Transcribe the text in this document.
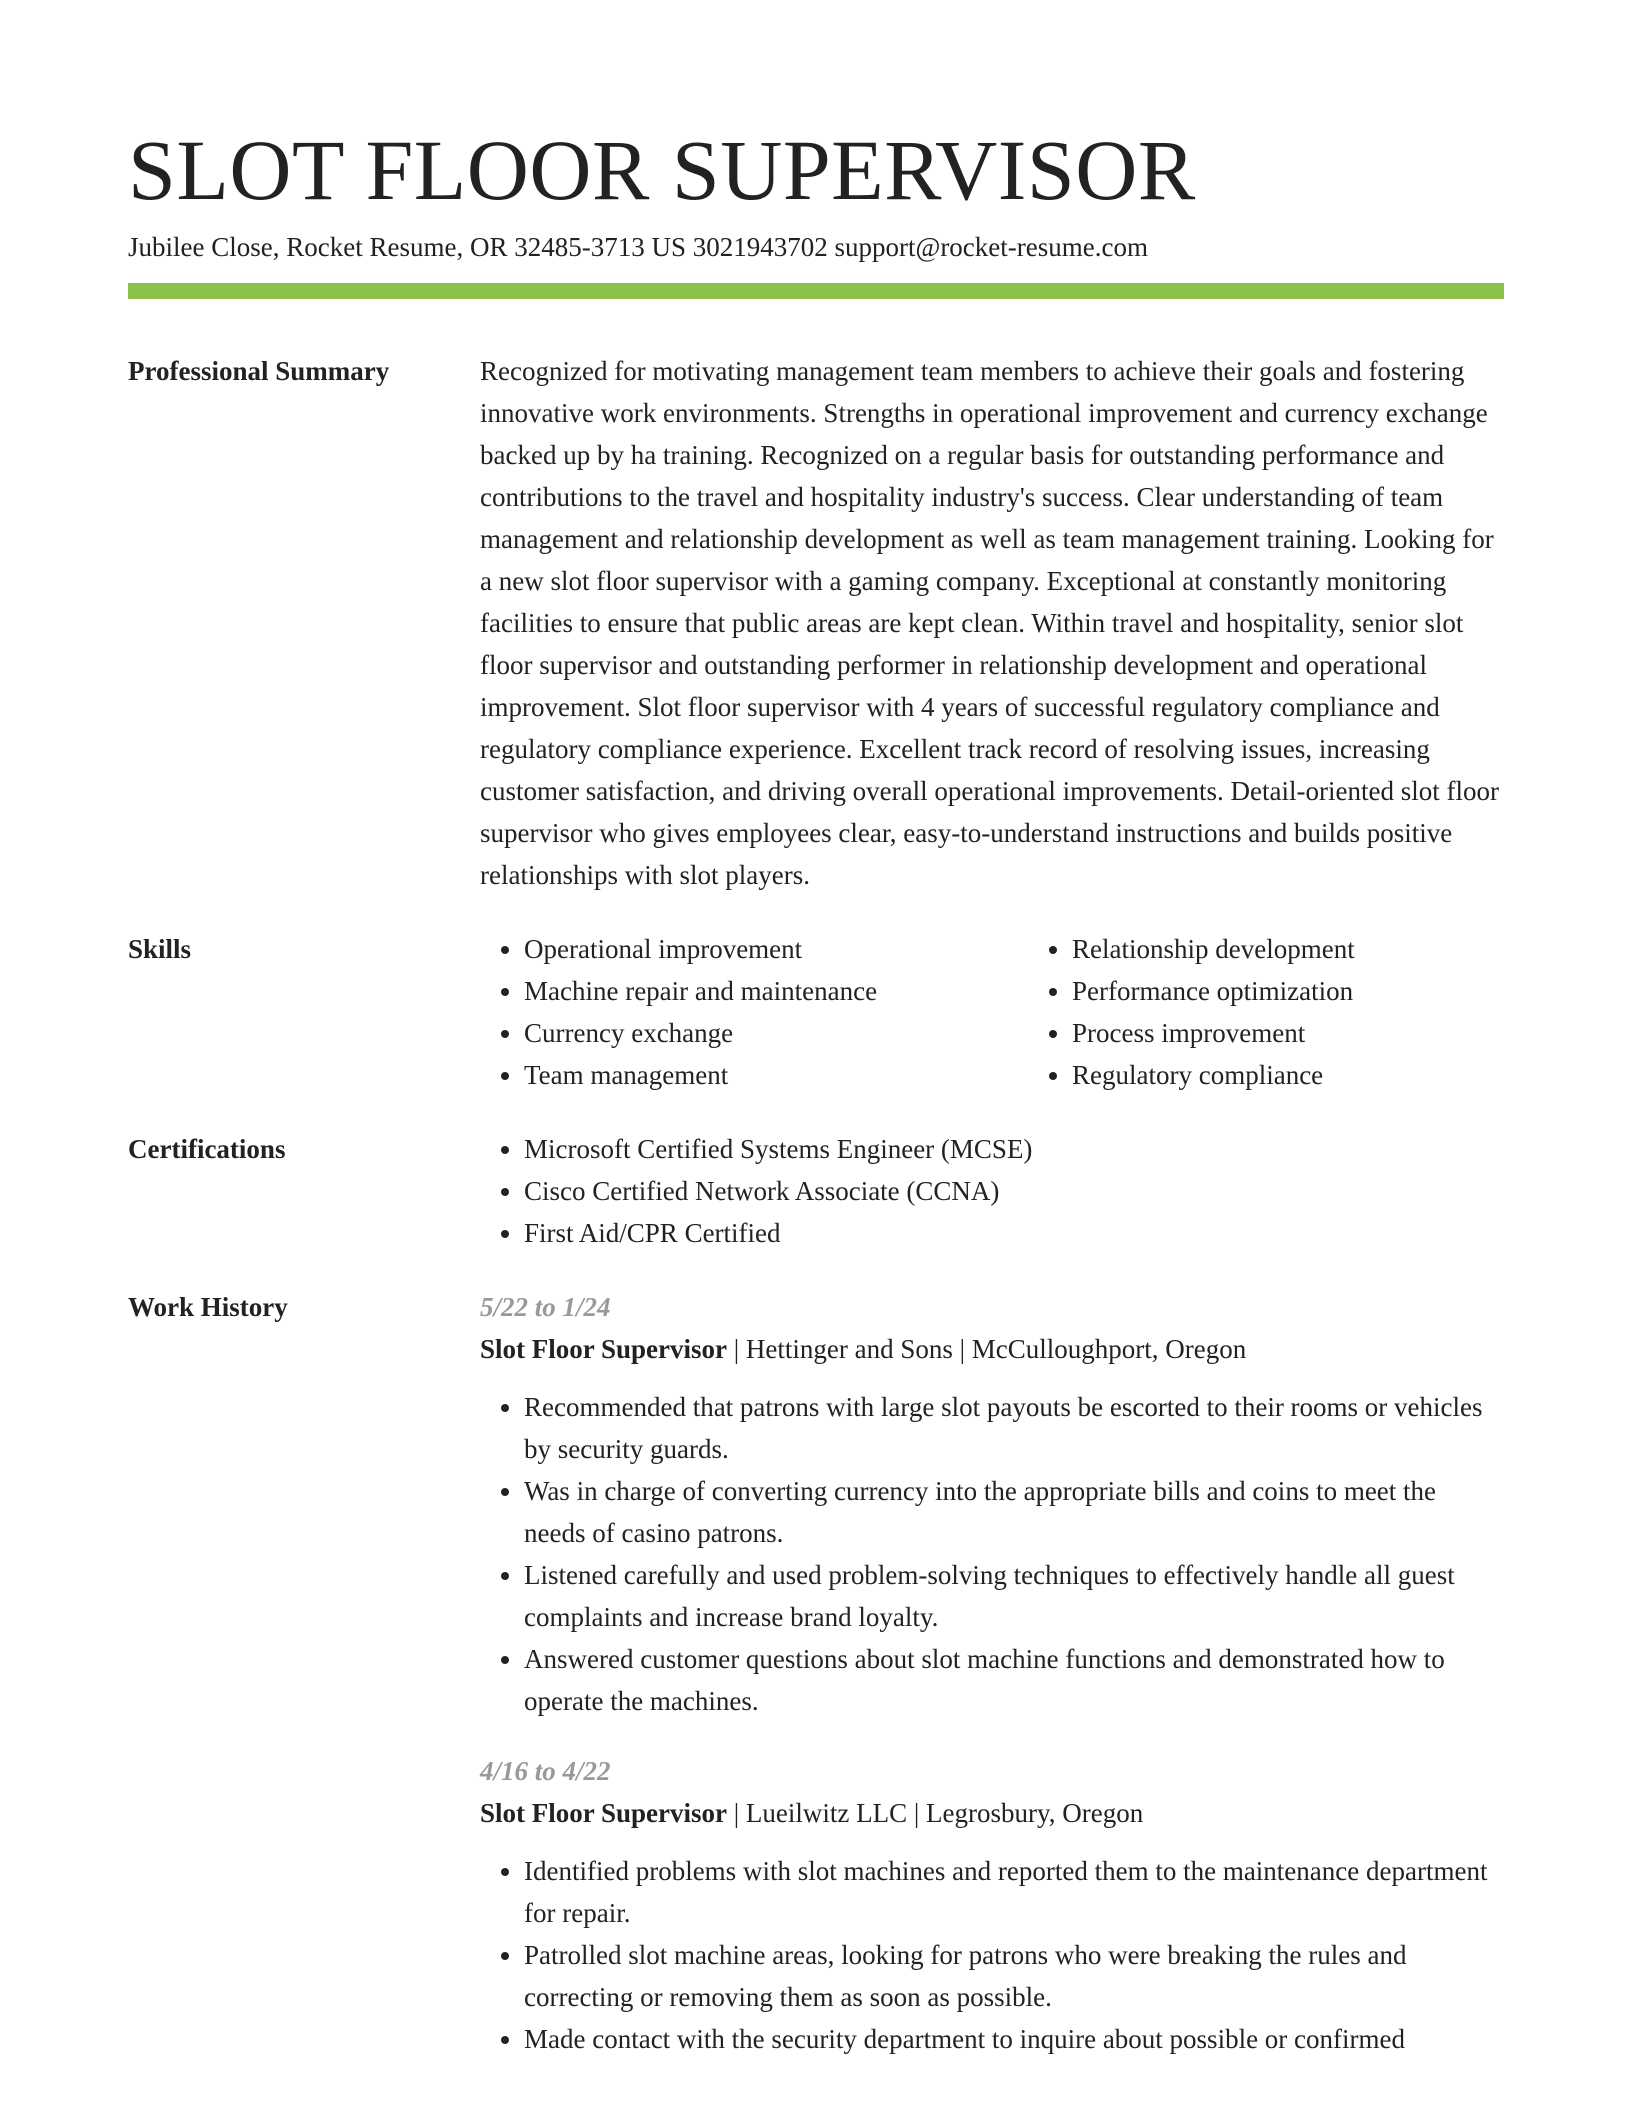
SLOT FLOOR SUPERVISOR
Jubilee Close, Rocket Resume, OR 32485-3713 US 3021943702 support@rocket-resume.com
Professional Summary	Recognized for motivating management team members to achieve their goals and fostering innovative work environments. Strengths in operational improvement and currency exchange backed up by ha training. Recognized on a regular basis for outstanding performance and contributions to the travel and hospitality industry's success. Clear understanding of team management and relationship development as well as team management training. Looking for a new slot floor supervisor with a gaming company. Exceptional at constantly monitoring facilities to ensure that public areas are kept clean. Within travel and hospitality, senior slot floor supervisor and outstanding performer in relationship development and operational improvement. Slot floor supervisor with 4 years of successful regulatory compliance and regulatory compliance experience. Excellent track record of resolving issues, increasing customer satisfaction, and driving overall operational improvements. Detail-oriented slot floor supervisor who gives employees clear, easy-to-understand instructions and builds positive relationships with slot players.
Skills	• Operational improvement
• Machine repair and maintenance
• Currency exchange
• Team management
• Relationship development
• Performance optimization
• Process improvement
• Regulatory compliance
Certifications	• Microsoft Certified Systems Engineer (MCSE)
• Cisco Certified Network Associate (CCNA)
• First Aid/CPR Certified
Work History	5/22 to 1/24
Slot Floor Supervisor | Hettinger and Sons | McCulloughport, Oregon
• Recommended that patrons with large slot payouts be escorted to their rooms or vehicles by security guards.
• Was in charge of converting currency into the appropriate bills and coins to meet the needs of casino patrons.
• Listened carefully and used problem-solving techniques to effectively handle all guest complaints and increase brand loyalty.
• Answered customer questions about slot machine functions and demonstrated how to operate the machines.
4/16 to 4/22
Slot Floor Supervisor | Lueilwitz LLC | Legrosbury, Oregon
• Identified problems with slot machines and reported them to the maintenance department for repair.
• Patrolled slot machine areas, looking for patrons who were breaking the rules and correcting or removing them as soon as possible.
• Made contact with the security department to inquire about possible or confirmed
